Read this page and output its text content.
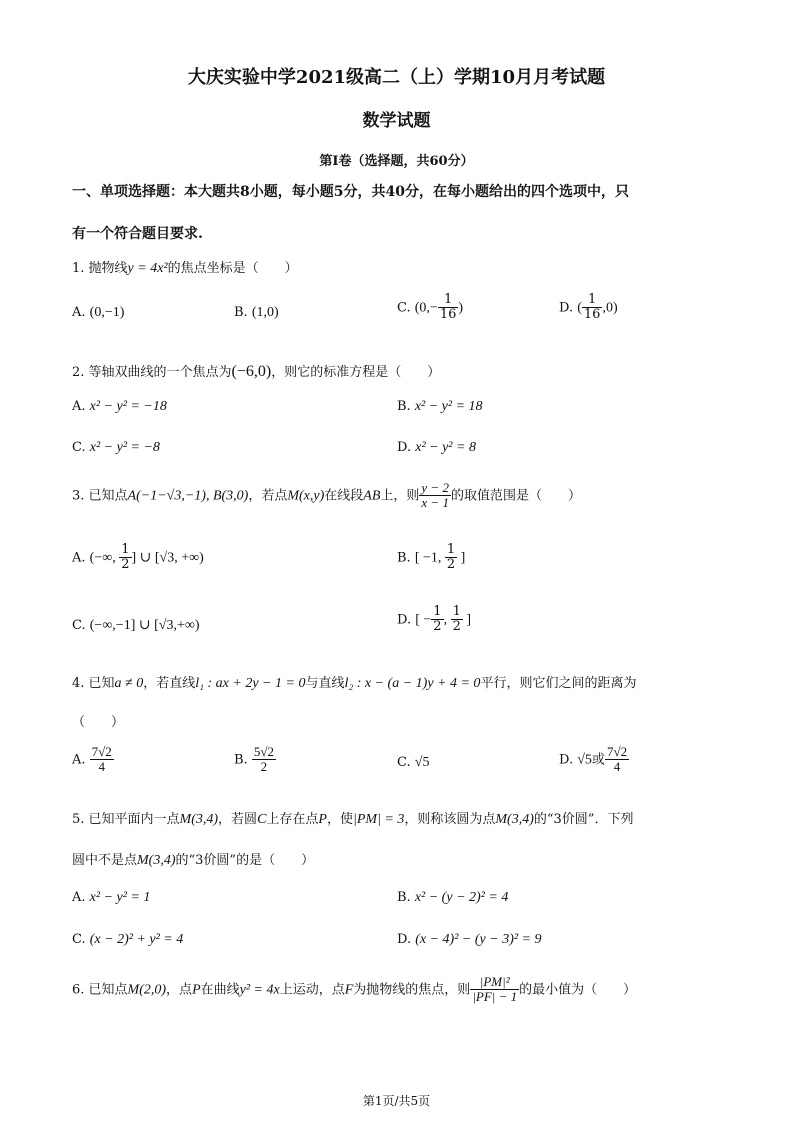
大庆实验中学2021级高二（上）学期10月月考试题
数学试题
第Ⅰ卷（选择题，共60分）
一、单项选择题：本大题共8小题，每小题5分，共40分，在每小题给出的四个选项中，只
有一个符合题目要求.
1. 抛物线y = 4x²的焦点坐标是（　　）
A. (0,−1)	B. (1,0)	C. ($0,- \frac{1}{16}$ )	D. ( $\frac{1}{16} ,0$)
2. 等轴双曲线的一个焦点为(−6,0)，则它的标准方程是（　　）
A. x² − y² = −18	B. x² − y² = 18
C. x² − y² = −8	D. x² − y² = 8
3. 已知点A(−1−√3,−1), B(3,0)，若点M(x,y)在线段AB上，则 $\frac{y - 2}{x - 1}$ 的取值范围是（　　）
A. (−∞, $\frac{1}{2}$ ] ∪ [√3, +∞)	B. [ −1, $\frac{1}{2}$ ]
C. (−∞,−1] ∪ [√3,+∞)	D. [ − $\frac{1}{2}$ , $\frac{1}{2}$ ]
4. 已知a ≠ 0，若直线l₁ : ax + 2y − 1 = 0与直线l₂ : x − (a − 1)y + 4 = 0平行，则它们之间的距离为
（　　）
A. $\frac{7√2}{4}$	B. $\frac{5√2}{2}$	C. √5	D. √5或 $\frac{7√2}{4}$
5. 已知平面内一点M(3,4)，若圆C上存在点P，使|PM| = 3，则称该圆为点M(3,4)的“3价圆”．下列
圆中不是点M(3,4)的“3价圆”的是（　　）
A. x² − y² = 1	B. x² − (y − 2)² = 4
C. (x − 2)² + y² = 4	D. (x − 4)² − (y − 3)² = 9
6. 已知点M(2,0)，点P在曲线y² = 4x上运动，点F为抛物线的焦点，则 $\frac{\text{|PM|²}}{|PF| - 1}$ 的最小值为（　　）
第1页/共5页
